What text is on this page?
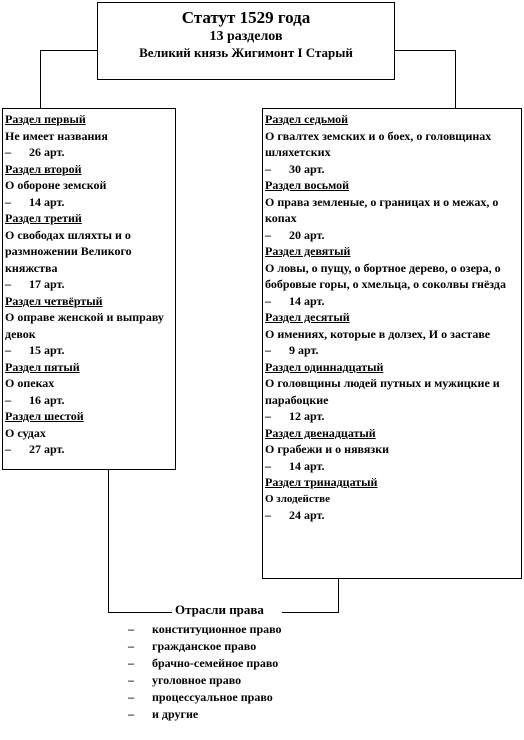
Статут 1529 года
13 разделов
Великий князь Жигимонт I Старый
Раздел первый
Не имеет названия
– 26 арт.
Раздел второй
О обороне земской
– 14 арт.
Раздел третий
О свободах шляхты и о размножении Великого княжства
– 17 арт.
Раздел четвёртый
О оправе женской и выправу девок
– 15 арт.
Раздел пятый
О опеках
– 16 арт.
Раздел шестой
О судах
– 27 арт.
Раздел седьмой
О гвалтех земских и о боех, о головщинах шляхетских
– 30 арт.
Раздел восьмой
О права земленые, о границах и о межах, о копах
– 20 арт.
Раздел девятый
О ловы, о пущу, о бортное дерево, о озера, о бобровые горы, о хмельца, о соколвы гнёзда
– 14 арт.
Раздел десятый
О имениях, которые в долзех, И о заставе
– 9 арт.
Раздел одиннадцатый
О головщины людей путных и мужицкие и парабоцкие
– 12 арт.
Раздел двенадцатый
О грабежи и о нявязки
– 14 арт.
Раздел тринадцатый
О злодействе
– 24 арт.
Отрасли права
– конституционное право
– гражданское право
– брачно-семейное право
– уголовное право
– процессуальное право
– и другие
